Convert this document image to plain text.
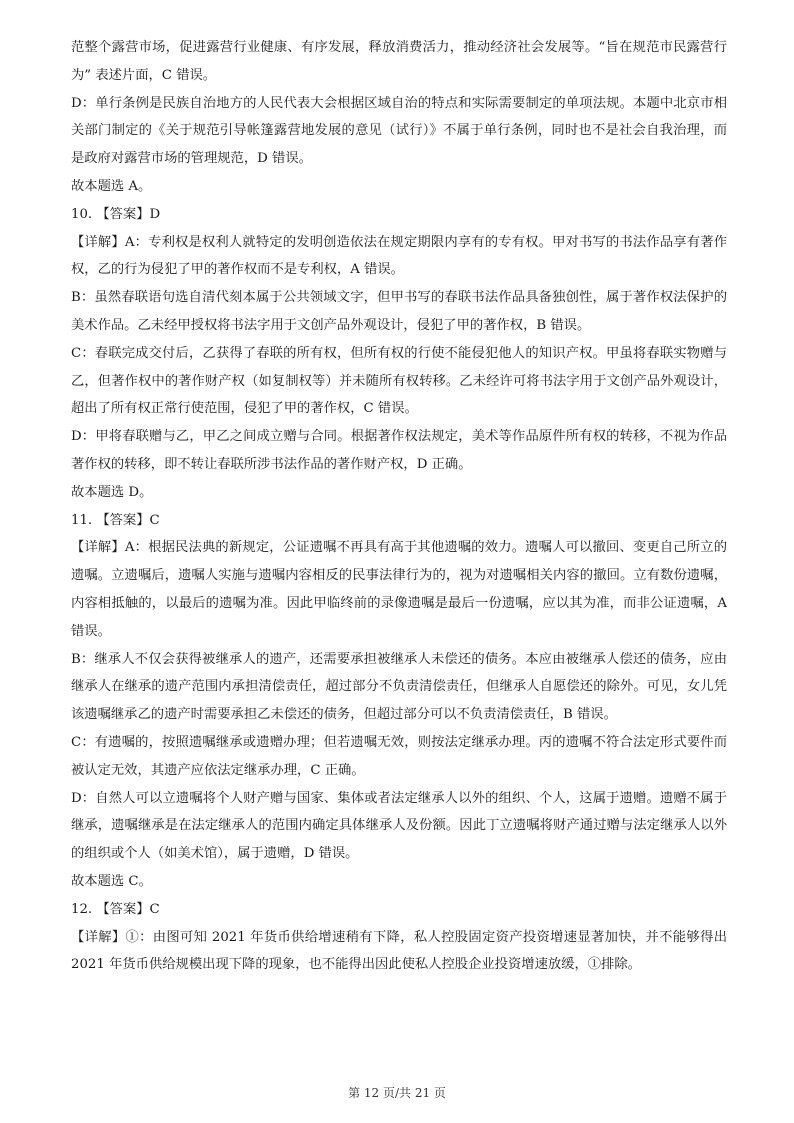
范整个露营市场，促进露营行业健康、有序发展，释放消费活力，推动经济社会发展等。“旨在规范市民露营行为” 表述片面，C 错误。

D：单行条例是民族自治地方的人民代表大会根据区域自治的特点和实际需要制定的单项法规。本题中北京市相关部门制定的《关于规范引导帐篷露营地发展的意见（试行）》不属于单行条例，同时也不是社会自我治理，而是政府对露营市场的管理规范，D 错误。

故本题选 A。

10. 【答案】D

【详解】A：专利权是权利人就特定的发明创造依法在规定期限内享有的专有权。甲对书写的书法作品享有著作权，乙的行为侵犯了甲的著作权而不是专利权，A 错误。

B：虽然春联语句选自清代刻本属于公共领域文字，但甲书写的春联书法作品具备独创性，属于著作权法保护的美术作品。乙未经甲授权将书法字用于文创产品外观设计，侵犯了甲的著作权，B 错误。

C：春联完成交付后，乙获得了春联的所有权，但所有权的行使不能侵犯他人的知识产权。甲虽将春联实物赠与乙，但著作权中的著作财产权（如复制权等）并未随所有权转移。乙未经许可将书法字用于文创产品外观设计，超出了所有权正常行使范围，侵犯了甲的著作权，C 错误。

D：甲将春联赠与乙，甲乙之间成立赠与合同。根据著作权法规定，美术等作品原件所有权的转移，不视为作品著作权的转移，即不转让春联所涉书法作品的著作财产权，D 正确。

故本题选 D。

11. 【答案】C

【详解】A：根据民法典的新规定，公证遗嘱不再具有高于其他遗嘱的效力。遗嘱人可以撤回、变更自己所立的遗嘱。立遗嘱后，遗嘱人实施与遗嘱内容相反的民事法律行为的，视为对遗嘱相关内容的撤回。立有数份遗嘱，内容相抵触的，以最后的遗嘱为准。因此甲临终前的录像遗嘱是最后一份遗嘱，应以其为准，而非公证遗嘱，A 错误。

B：继承人不仅会获得被继承人的遗产，还需要承担被继承人未偿还的债务。本应由被继承人偿还的债务，应由继承人在继承的遗产范围内承担清偿责任，超过部分不负责清偿责任，但继承人自愿偿还的除外。可见，女儿凭该遗嘱继承乙的遗产时需要承担乙未偿还的债务，但超过部分可以不负责清偿责任，B 错误。

C：有遗嘱的，按照遗嘱继承或遗赠办理；但若遗嘱无效，则按法定继承办理。丙的遗嘱不符合法定形式要件而被认定无效，其遗产应依法定继承办理，C 正确。

D：自然人可以立遗嘱将个人财产赠与国家、集体或者法定继承人以外的组织、个人，这属于遗赠。遗赠不属于继承，遗嘱继承是在法定继承人的范围内确定具体继承人及份额。因此丁立遗嘱将财产通过赠与法定继承人以外的组织或个人（如美术馆），属于遗赠，D 错误。

故本题选 C。

12. 【答案】C

【详解】①：由图可知 2021 年货币供给增速稍有下降，私人控股固定资产投资增速显著加快，并不能够得出 2021 年货币供给规模出现下降的现象，也不能得出因此使私人控股企业投资增速放缓，①排除。

第 12 页/共 21 页
